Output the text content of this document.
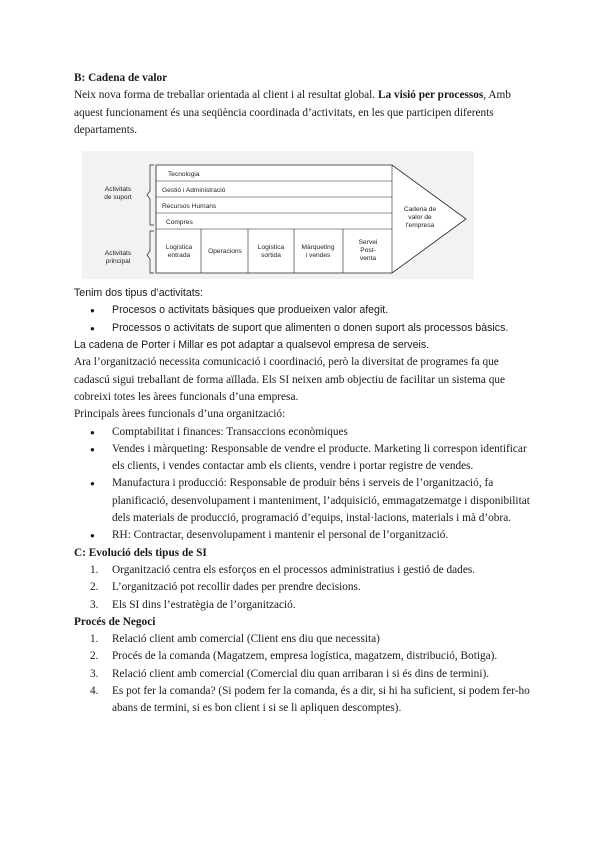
B: Cadena de valor

Neix nova forma de treballar orientada al client i al resultat global. La visió per processos, Amb aquest funcionament és una seqüència coordinada d’activitats, en les que participen diferents departaments.

Activitats
de suport
Activitats
principal
Tecnologia
Gestió i Administració
Recursos Humans
Compres
Logística
entrada
Operacions
Logística
sortida
Màrqueting
i vendes
Servei
Post-
venta
Cadena de
valor de
l'empresa

Tenim dos tipus d’activitats:

● Procesos o activitats bàsiques que produeixen valor afegit.
● Processos o activitats de suport que alimenten o donen suport als processos bàsics.

La cadena de Porter i Millar es pot adaptar a qualsevol empresa de serveis.

Ara l’organització necessita comunicació i coordinació, però la diversitat de programes fa que cadascú sigui treballant de forma aïllada. Els SI neixen amb objectiu de facilitar un sistema que cobreixi totes les àrees funcionals d’una empresa.

Principals àrees funcionals d’una organització:

● Comptabilitat i finances: Transaccions econòmiques
● Vendes i màrqueting: Responsable de vendre el producte. Marketing li correspon identificar els clients, i vendes contactar amb els clients, vendre i portar registre de vendes.
● Manufactura i producció: Responsable de produir béns i serveis de l’organització, fa planificació, desenvolupament i manteniment, l’adquisició, emmagatzematge i disponibilitat dels materials de producció, programació d’equips, instal·lacions, materials i mà d’obra.
● RH: Contractar, desenvolupament i mantenir el personal de l’organització.

C: Evolució dels tipus de SI

1. Organització centra els esforços en el processos administratius i gestió de dades.
2. L’organització pot recollir dades per prendre decisions.
3. Els SI dins l’estratègia de l’organització.

Procés de Negoci

1. Relació client amb comercial (Client ens diu que necessita)
2. Procés de la comanda (Magatzem, empresa logística, magatzem, distribució, Botiga).
3. Relació client amb comercial (Comercial diu quan arribaran i si és dins de termini).
4. Es pot fer la comanda? (Si podem fer la comanda, és a dir, si hi ha suficient, si podem fer-ho abans de termini, si es bon client i si se li apliquen descomptes).
